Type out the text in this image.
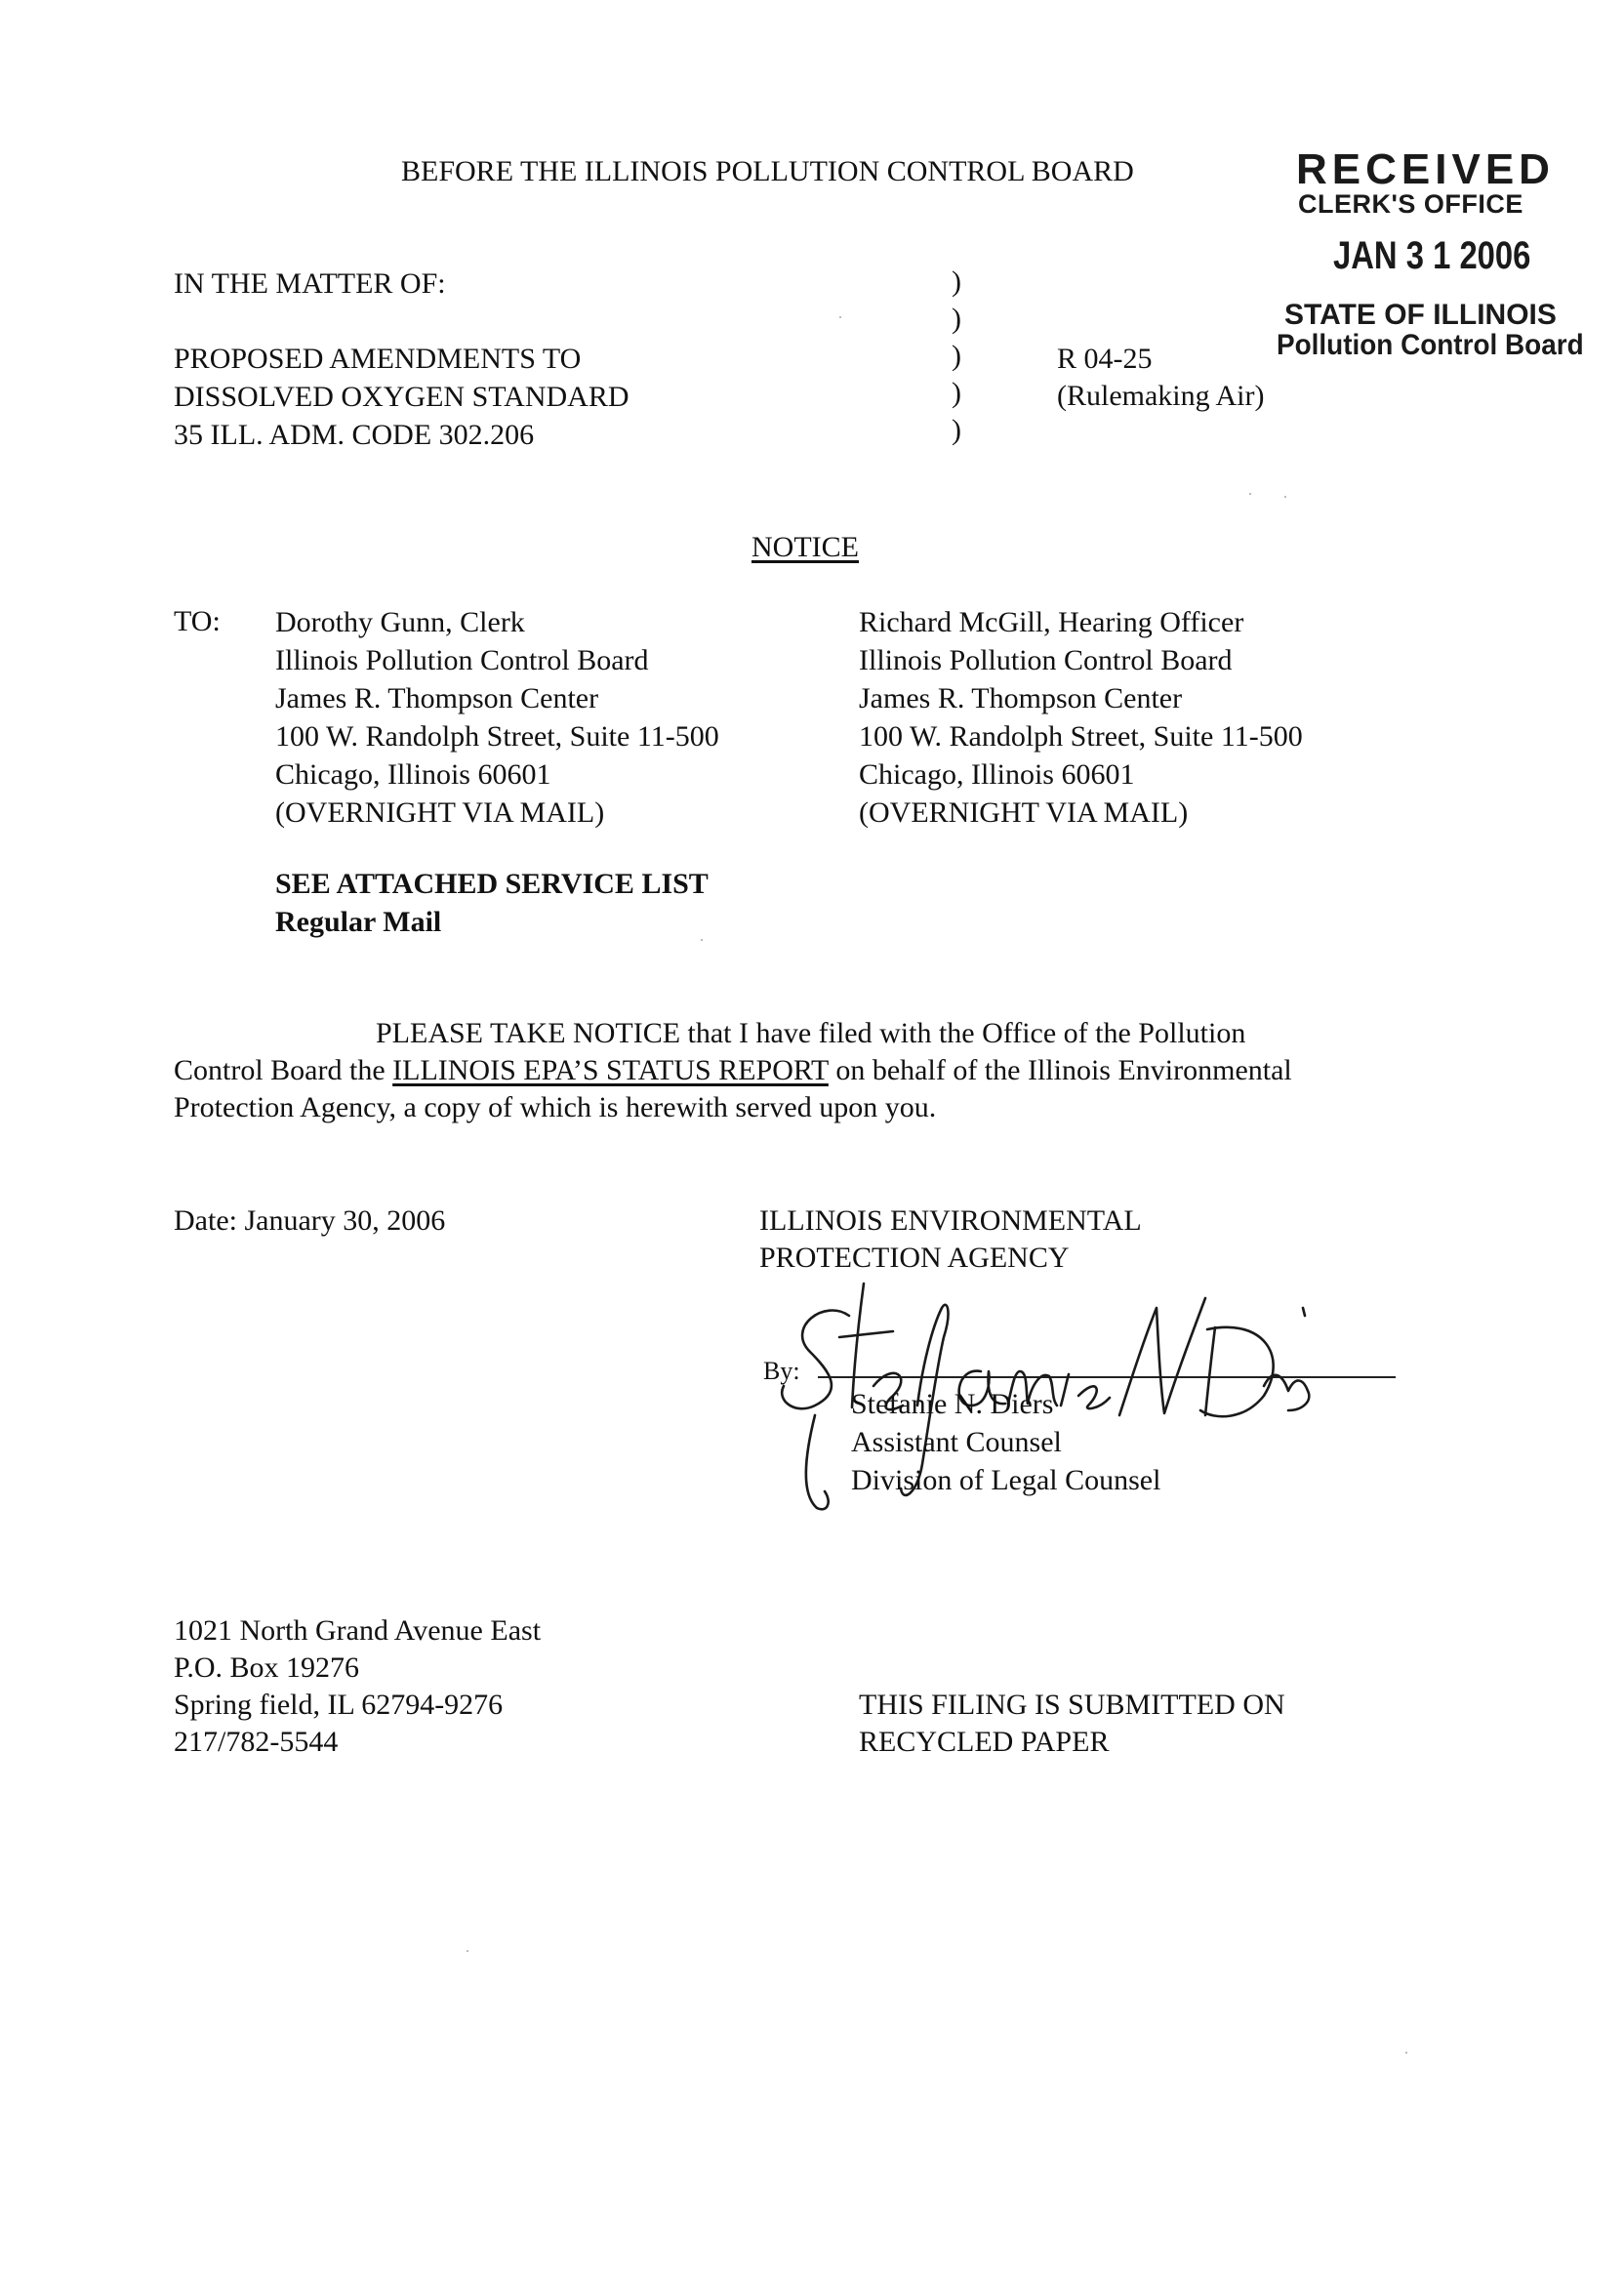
BEFORE THE ILLINOIS POLLUTION CONTROL BOARD	RECEIVED
CLERK'S OFFICE
JAN 3 1 2006
STATE OF ILLINOIS
Pollution Control Board
IN THE MATTER OF:
PROPOSED AMENDMENTS TO
DISSOLVED OXYGEN STANDARD
35 ILL. ADM. CODE 302.206
)
)
)
)
)
R 04-25
(Rulemaking Air)
NOTICE
TO: Dorothy Gunn, Clerk
Illinois Pollution Control Board
James R. Thompson Center
100 W. Randolph Street, Suite 11-500
Chicago, Illinois 60601
(OVERNIGHT VIA MAIL)
Richard McGill, Hearing Officer
Illinois Pollution Control Board
James R. Thompson Center
100 W. Randolph Street, Suite 11-500
Chicago, Illinois 60601
(OVERNIGHT VIA MAIL)
SEE ATTACHED SERVICE LIST
Regular Mail
PLEASE TAKE NOTICE that I have filed with the Office of the Pollution
Control Board the ILLINOIS EPA’S STATUS REPORT on behalf of the Illinois Environmental
Protection Agency, a copy of which is herewith served upon you.
Date: January 30, 2006	ILLINOIS ENVIRONMENTAL
PROTECTION AGENCY
By:
Stefanie N. Diers
Assistant Counsel
Division of Legal Counsel
1021 North Grand Avenue East
P.O. Box 19276
Spring field, IL 62794-9276
217/782-5544
THIS FILING IS SUBMITTED ON
RECYCLED PAPER
